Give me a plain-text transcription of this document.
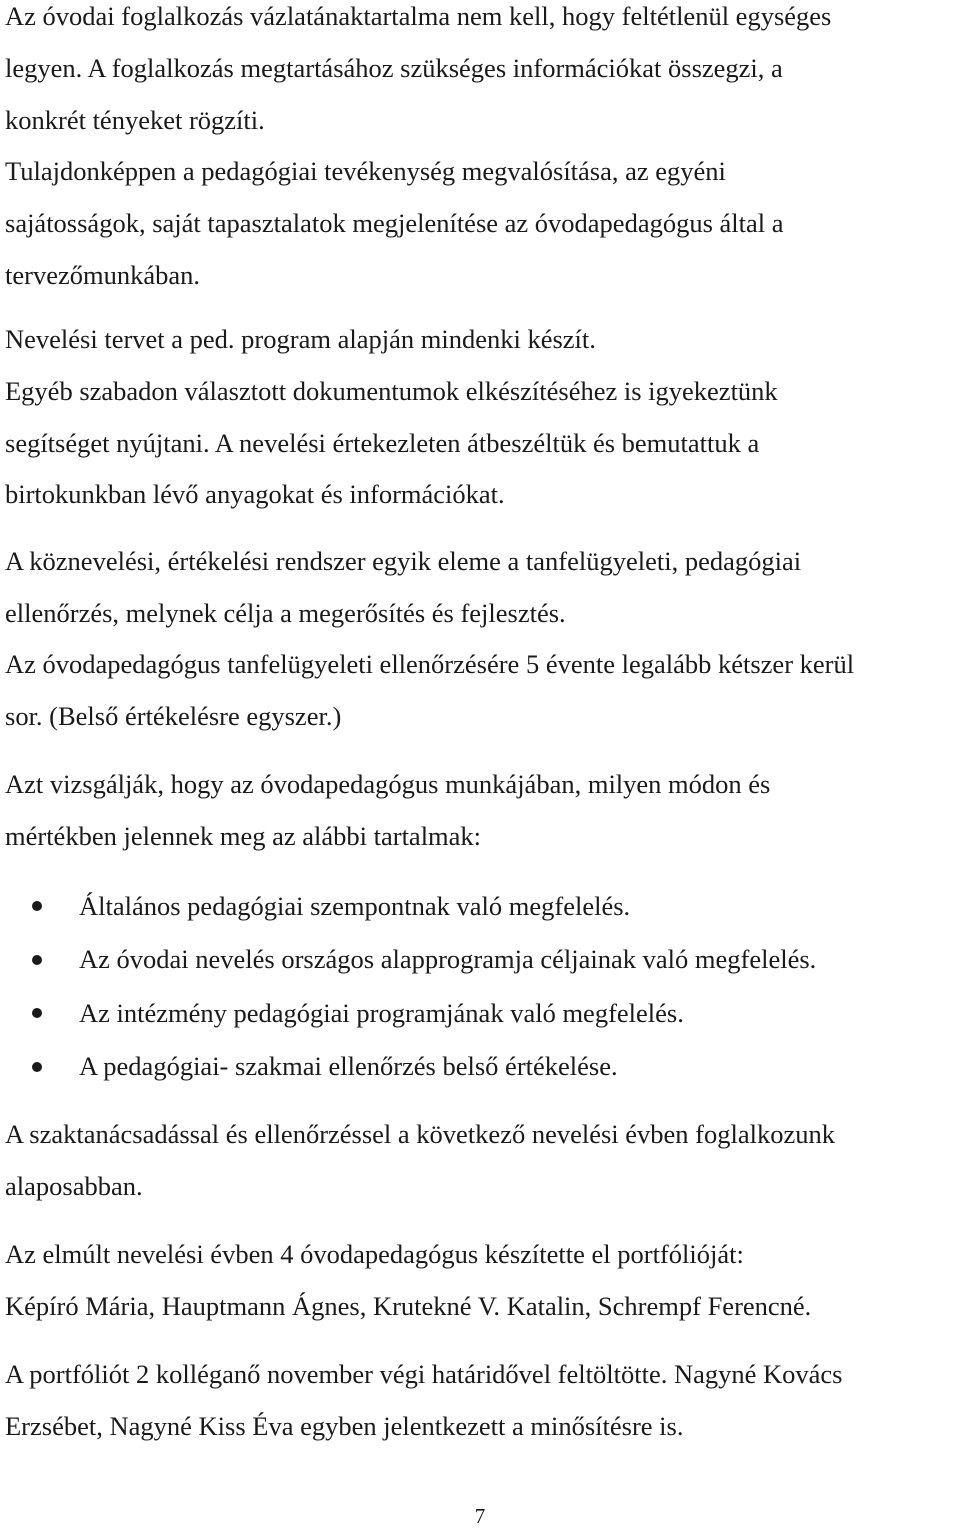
Az óvodai foglalkozás vázlatánaktartalma nem kell, hogy feltétlenül egységes
legyen. A foglalkozás megtartásához szükséges információkat összegzi, a
konkrét tényeket rögzíti.
Tulajdonképpen a pedagógiai tevékenység megvalósítása, az egyéni
sajátosságok, saját tapasztalatok megjelenítése az óvodapedagógus által a
tervezőmunkában.
Nevelési tervet a ped. program alapján mindenki készít.
Egyéb szabadon választott dokumentumok elkészítéséhez is igyekeztünk
segítséget nyújtani. A nevelési értekezleten átbeszéltük és bemutattuk a
birtokunkban lévő anyagokat és információkat.
A köznevelési, értékelési rendszer egyik eleme a tanfelügyeleti, pedagógiai
ellenőrzés, melynek célja a megerősítés és fejlesztés.
Az óvodapedagógus tanfelügyeleti ellenőrzésére 5 évente legalább kétszer kerül
sor. (Belső értékelésre egyszer.)
Azt vizsgálják, hogy az óvodapedagógus munkájában, milyen módon és
mértékben jelennek meg az alábbi tartalmak:
Általános pedagógiai szempontnak való megfelelés.
Az óvodai nevelés országos alapprogramja céljainak való megfelelés.
Az intézmény pedagógiai programjának való megfelelés.
A pedagógiai- szakmai ellenőrzés belső értékelése.
A szaktanácsadással és ellenőrzéssel a következő nevelési évben foglalkozunk
alaposabban.
Az elmúlt nevelési évben 4 óvodapedagógus készítette el portfólióját:
Képíró Mária, Hauptmann Ágnes, Krutekné V. Katalin, Schrempf Ferencné.
A portfóliót 2 kolléganő november végi határidővel feltöltötte. Nagyné Kovács
Erzsébet, Nagyné Kiss Éva egyben jelentkezett a minősítésre is.
7
